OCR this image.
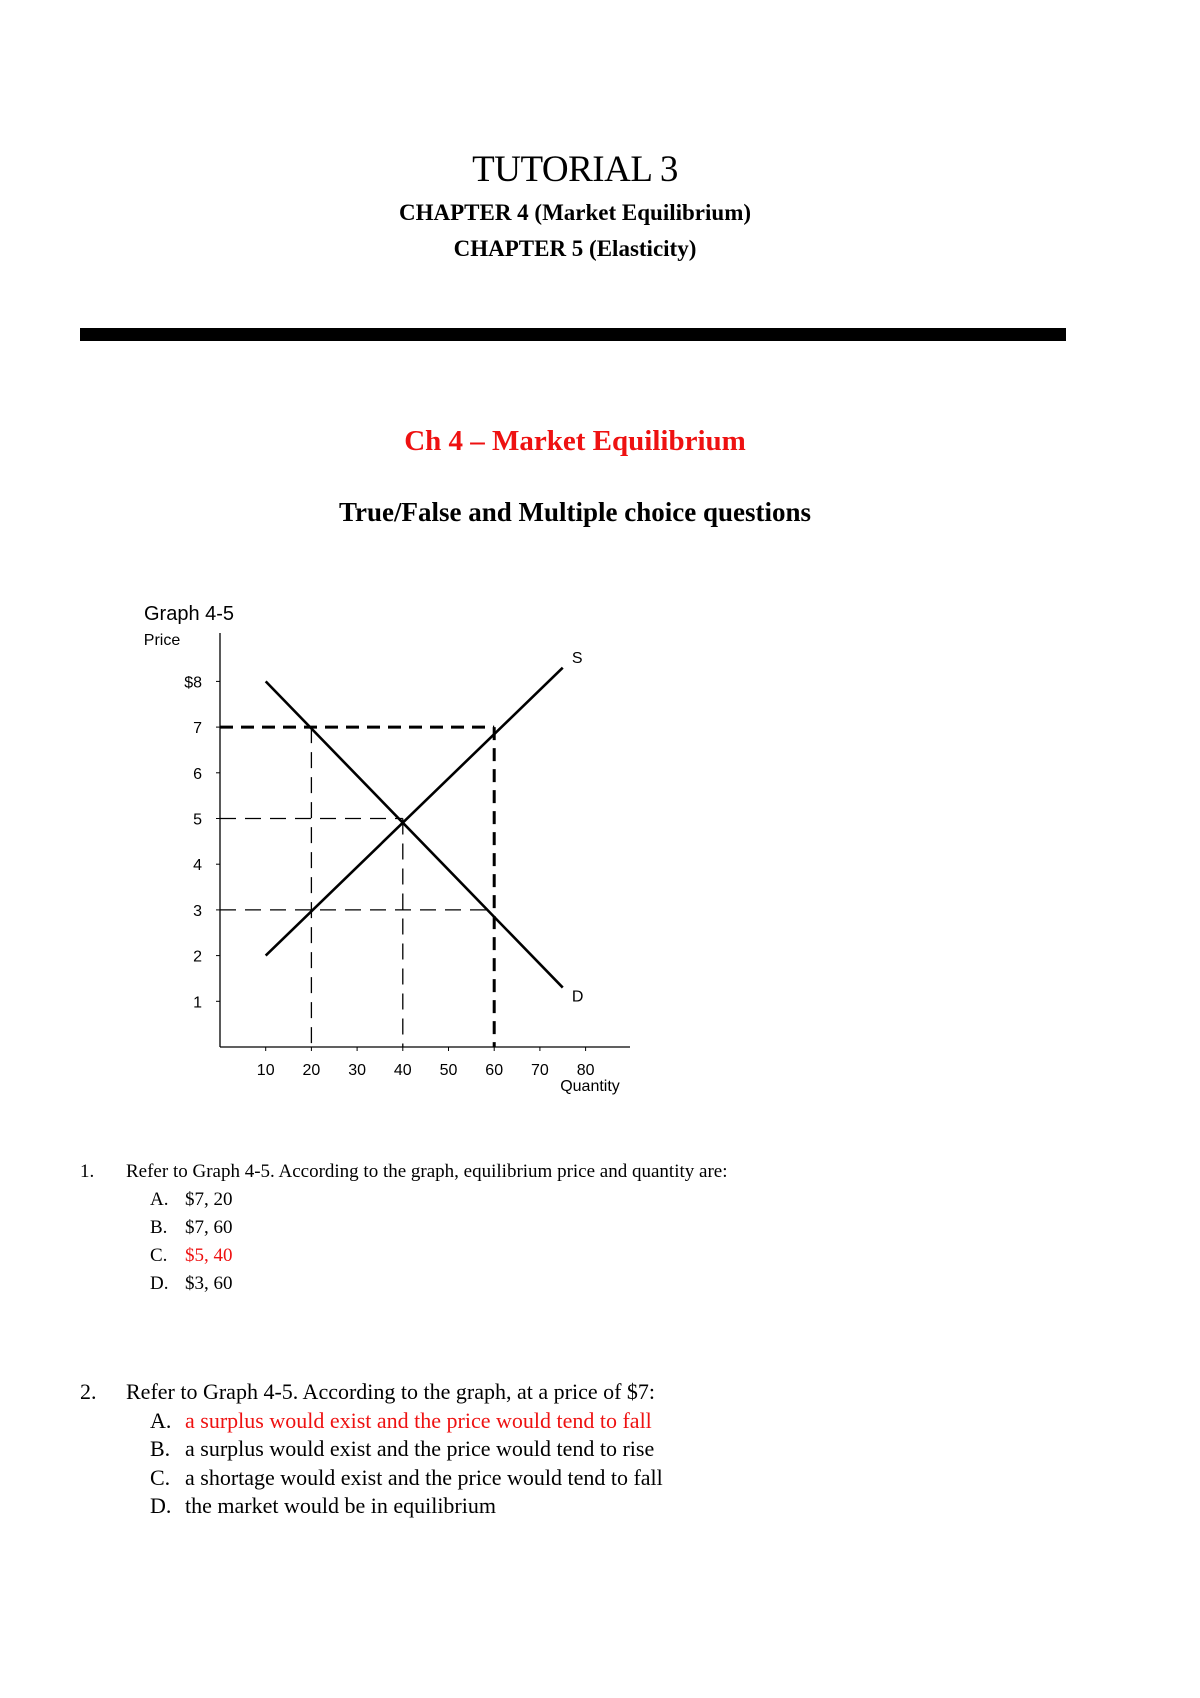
TUTORIAL 3
CHAPTER 4 (Market Equilibrium)
CHAPTER 5 (Elasticity)
Ch 4 – Market Equilibrium
True/False and Multiple choice questions
Graph 4-5
Price
Quantity
1
2
3
4
5
6
7
$8
10 20 30 40 50 60 70 80
S
D
1. Refer to Graph 4-5. According to the graph, equilibrium price and quantity are:
A. $7, 20
B. $7, 60
C. $5, 40
D. $3, 60
2. Refer to Graph 4-5. According to the graph, at a price of $7:
A. a surplus would exist and the price would tend to fall
B. a surplus would exist and the price would tend to rise
C. a shortage would exist and the price would tend to fall
D. the market would be in equilibrium
